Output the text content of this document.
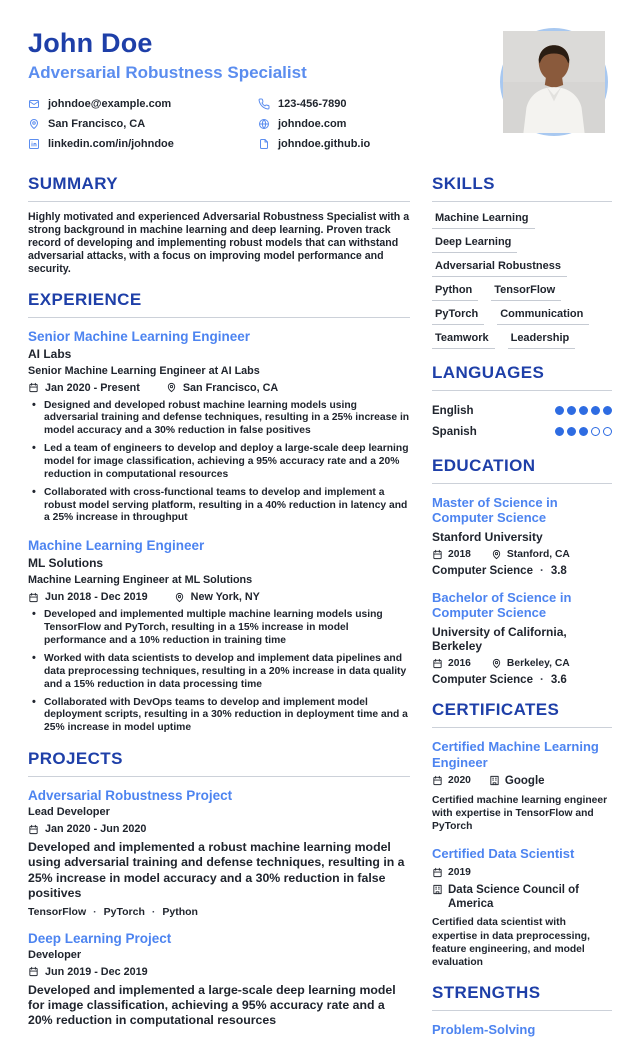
John Doe
Adversarial Robustness Specialist
johndoe@example.com
San Francisco, CA
linkedin.com/in/johndoe
123-456-7890
johndoe.com
johndoe.github.io
SUMMARY

Highly motivated and experienced Adversarial Robustness Specialist with a strong background in machine learning and deep learning. Proven track record of developing and implementing robust models that can withstand adversarial attacks, with a focus on improving model performance and security.

EXPERIENCE
Senior Machine Learning Engineer
AI Labs
Senior Machine Learning Engineer at AI Labs
Jan 2020 - Present	San Francisco, CA
• Designed and developed robust machine learning models using adversarial training and defense techniques, resulting in a 25% increase in model accuracy and a 30% reduction in false positives
• Led a team of engineers to develop and deploy a large-scale deep learning model for image classification, achieving a 95% accuracy rate and a 20% reduction in computational resources
• Collaborated with cross-functional teams to develop and implement a robust model serving platform, resulting in a 40% reduction in latency and a 25% increase in throughput
Machine Learning Engineer
ML Solutions
Machine Learning Engineer at ML Solutions
Jun 2018 - Dec 2019	New York, NY
• Developed and implemented multiple machine learning models using TensorFlow and PyTorch, resulting in a 15% increase in model performance and a 10% reduction in training time
• Worked with data scientists to develop and implement data pipelines and data preprocessing techniques, resulting in a 20% increase in data quality and a 15% reduction in data processing time
• Collaborated with DevOps teams to develop and implement model deployment scripts, resulting in a 30% reduction in deployment time and a 25% increase in model uptime
PROJECTS
Adversarial Robustness Project
Lead Developer
Jan 2020 - Jun 2020

Developed and implemented a robust machine learning model using adversarial training and defense techniques, resulting in a 25% increase in model accuracy and a 30% reduction in false positives

TensorFlow · PyTorch · Python
Deep Learning Project
Developer
Jun 2019 - Dec 2019

Developed and implemented a large-scale deep learning model for image classification, achieving a 95% accuracy rate and a 20% reduction in computational resources

SKILLS
Machine Learning
Deep Learning
Adversarial Robustness
Python	TensorFlow
PyTorch	Communication
Teamwork	Leadership
LANGUAGES
English
Spanish
EDUCATION
Master of Science in Computer Science
Stanford University
2018	Stanford, CA
Computer Science · 3.8
Bachelor of Science in Computer Science
University of California, Berkeley
2016	Berkeley, CA
Computer Science · 3.6
CERTIFICATES
Certified Machine Learning Engineer
2020	Google

Certified machine learning engineer with expertise in TensorFlow and PyTorch

Certified Data Scientist
2019
Data Science Council of America

Certified data scientist with expertise in data preprocessing, feature engineering, and model evaluation

STRENGTHS
Problem-Solving
